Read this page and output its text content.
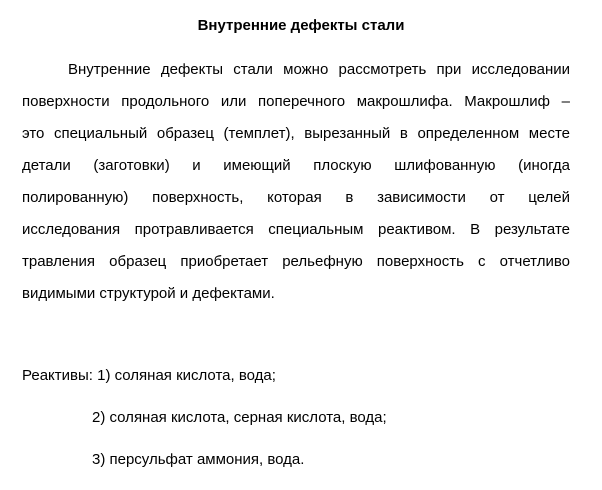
Внутренние дефекты стали
Внутренние дефекты стали можно рассмотреть при исследовании
поверхности продольного или поперечного макрошлифа. Макрошлиф –
это специальный образец (темплет), вырезанный в определенном месте
детали (заготовки) и имеющий плоскую шлифованную (иногда
полированную) поверхность, которая в зависимости от целей
исследования протравливается специальным реактивом. В результате
травления образец приобретает рельефную поверхность с отчетливо
видимыми структурой и дефектами.
Реактивы: 1) соляная кислота, вода;
2) соляная кислота, серная кислота, вода;
3) персульфат аммония, вода.
